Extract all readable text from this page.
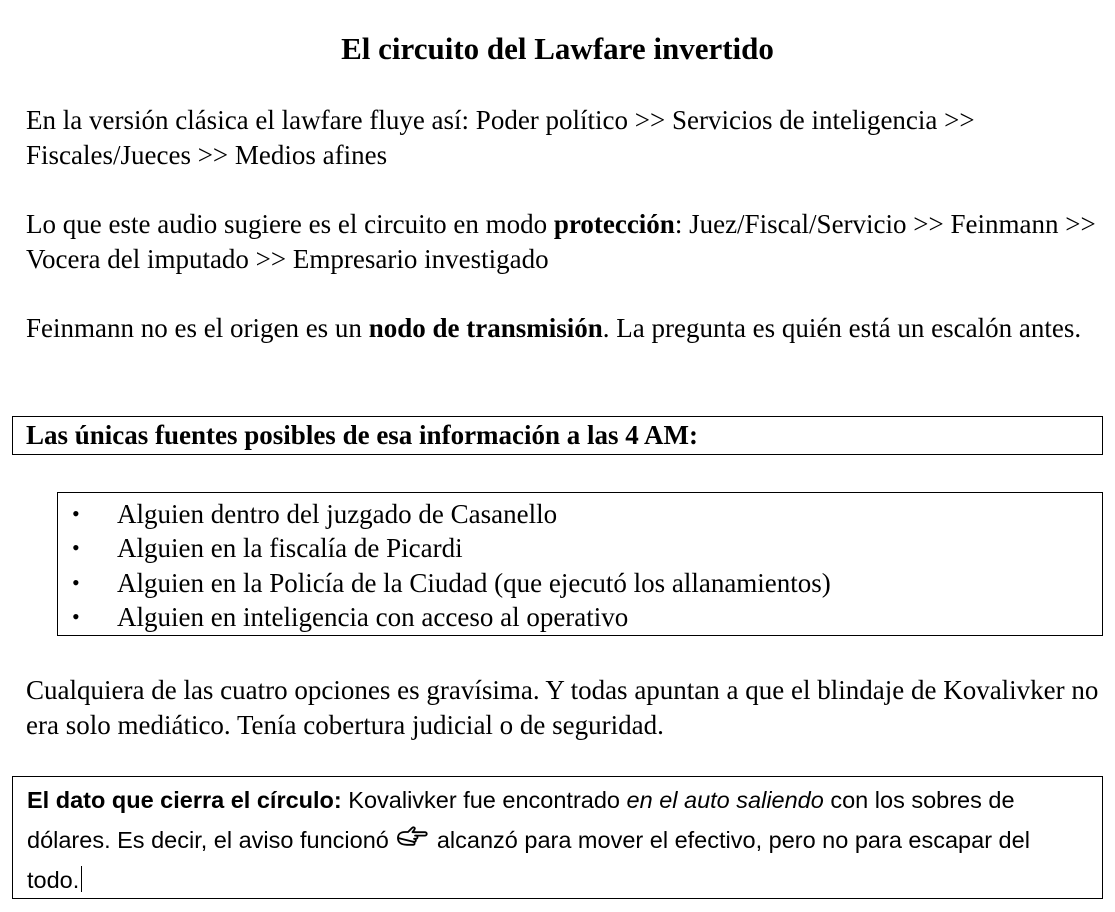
El circuito del Lawfare invertido

En la versión clásica el lawfare fluye así: Poder político >> Servicios de inteligencia >> Fiscales/Jueces >> Medios afines

Lo que este audio sugiere es el circuito en modo protección: Juez/Fiscal/Servicio >> Feinmann >> Vocera del imputado >> Empresario investigado

Feinmann no es el origen es un nodo de transmisión. La pregunta es quién está un escalón antes.

Las únicas fuentes posibles de esa información a las 4 AM:
• Alguien dentro del juzgado de Casanello
• Alguien en la fiscalía de Picardi
• Alguien en la Policía de la Ciudad (que ejecutó los allanamientos)
• Alguien en inteligencia con acceso al operativo

Cualquiera de las cuatro opciones es gravísima. Y todas apuntan a que el blindaje de Kovalivker no era solo mediático. Tenía cobertura judicial o de seguridad.

El dato que cierra el círculo: Kovalivker fue encontrado en el auto saliendo con los sobres de dólares. Es decir, el aviso funcionó alcanzó para mover el efectivo, pero no para escapar del todo.
